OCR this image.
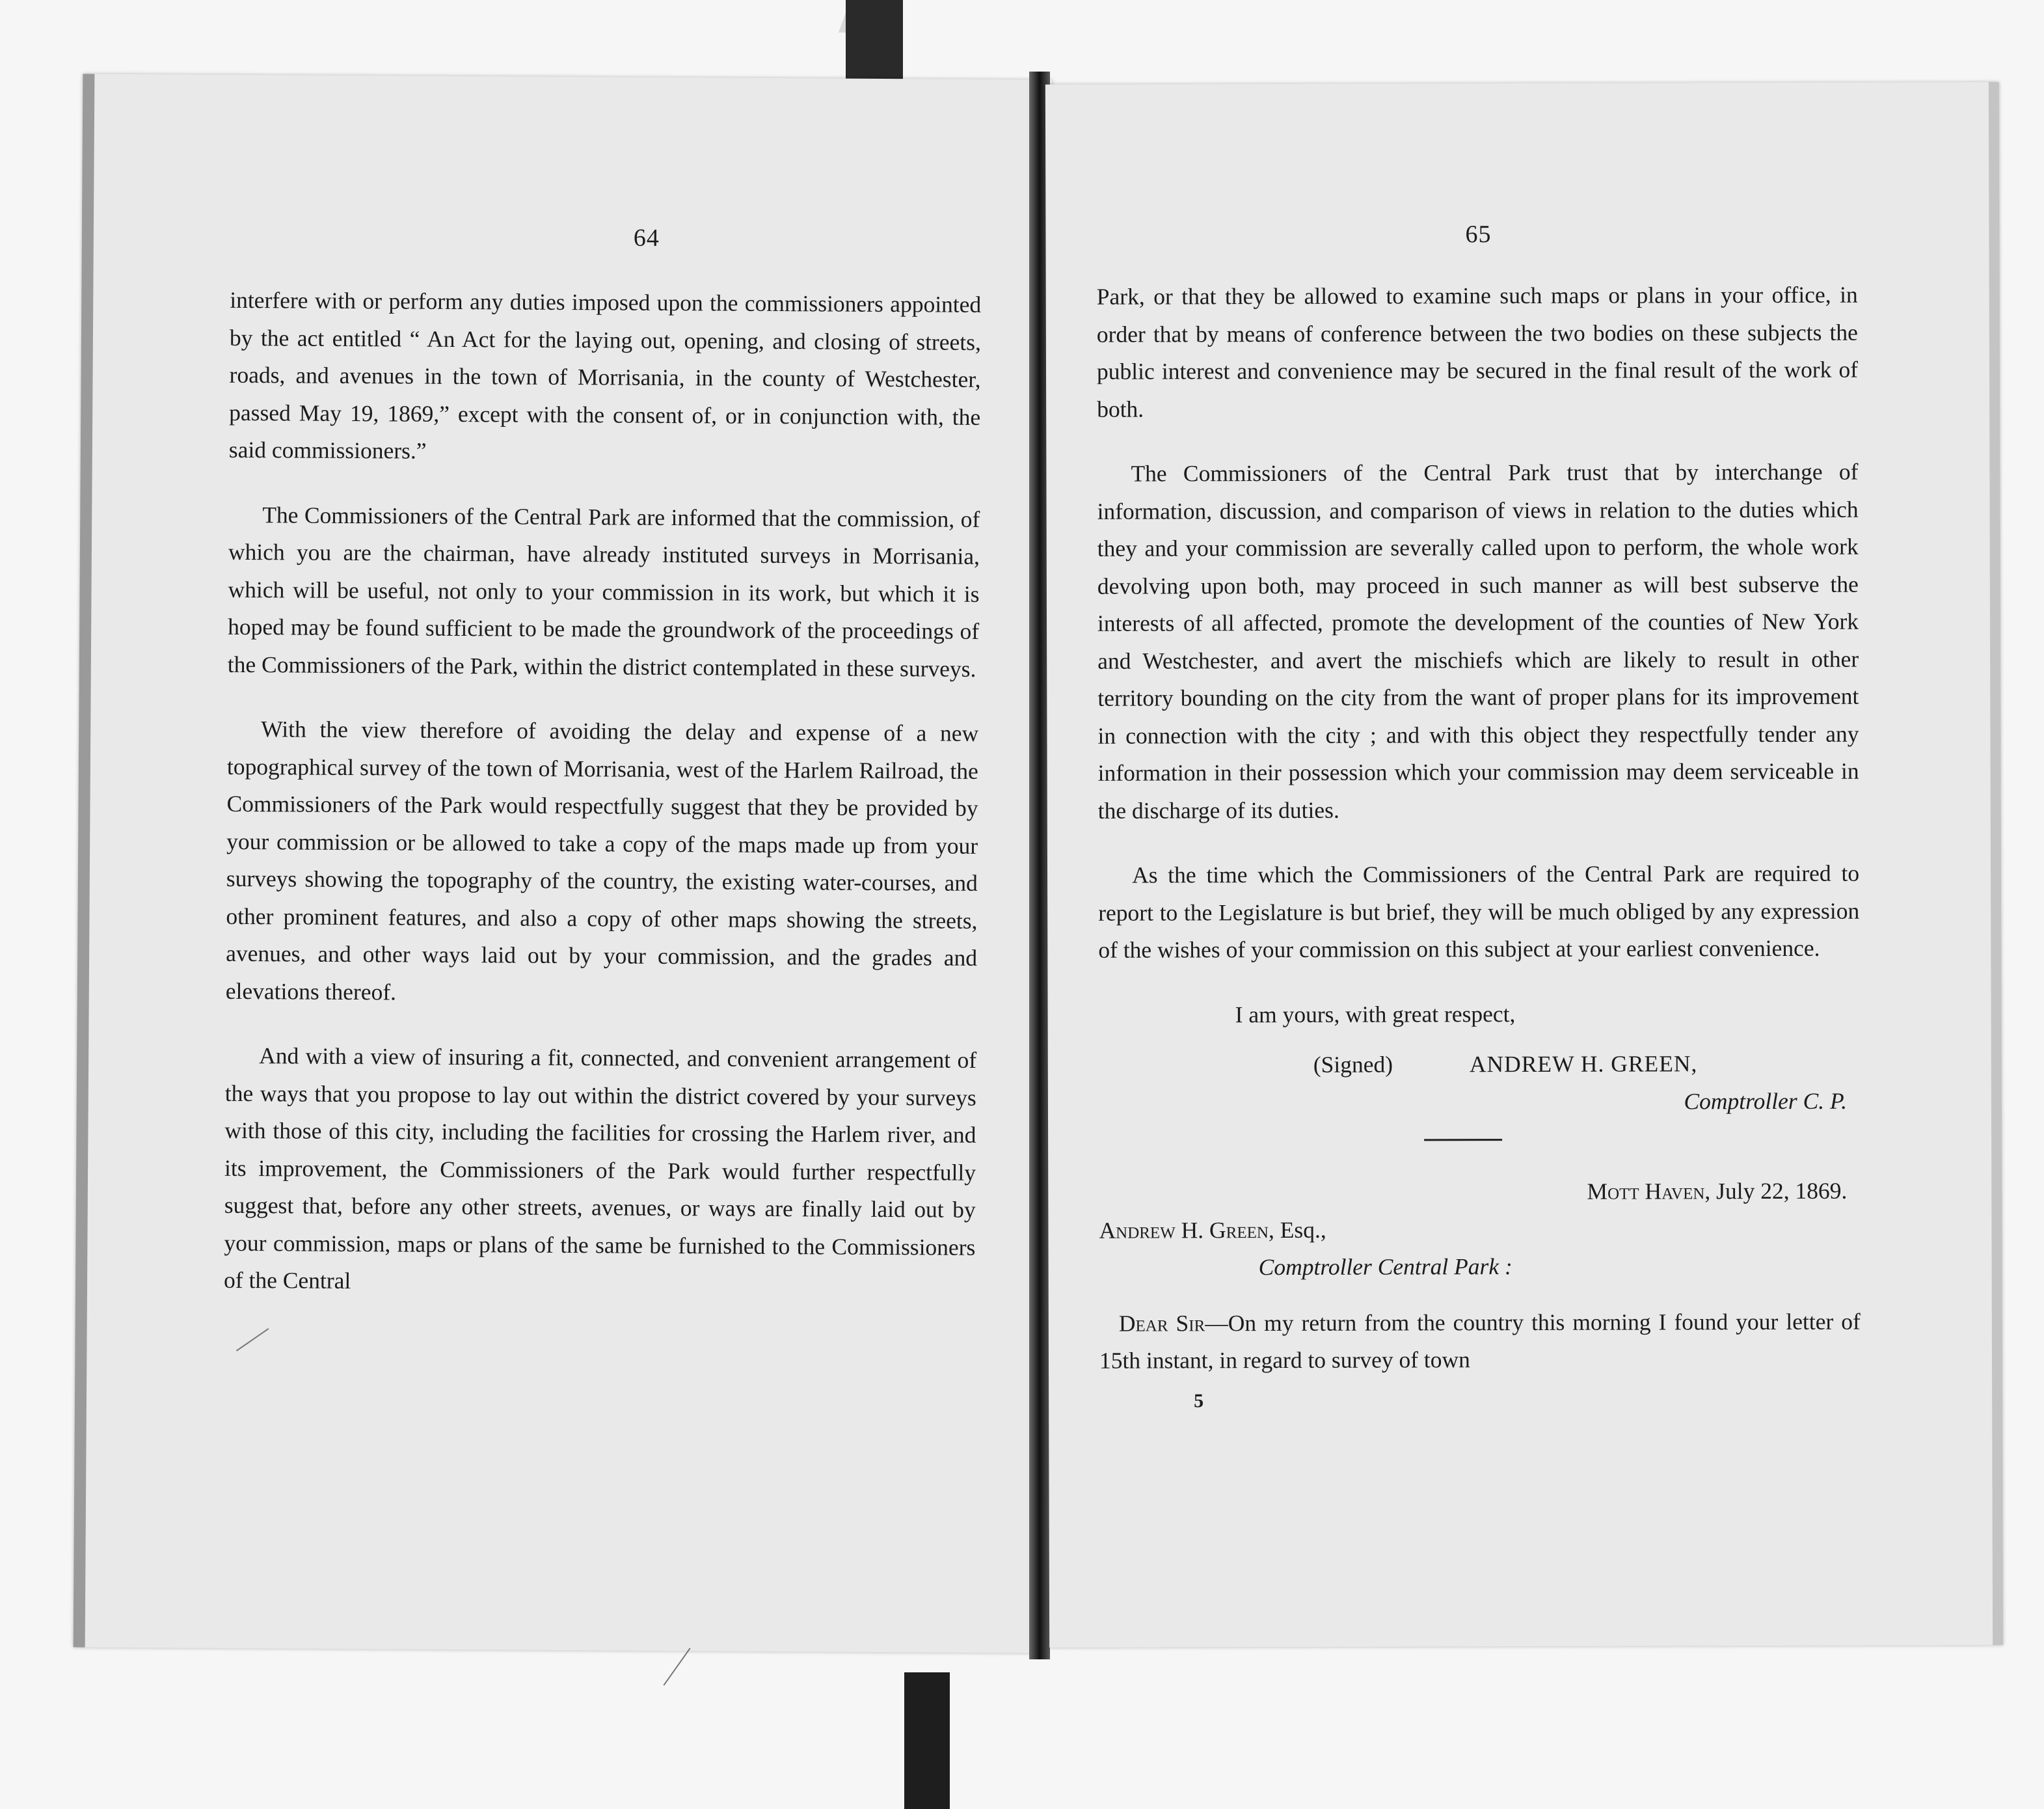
64

interfere with or perform any duties imposed upon the commissioners appointed by the act entitled “ An Act for the laying out, opening, and closing of streets, roads, and avenues in the town of Morrisania, in the county of Westchester, passed May 19, 1869,” except with the consent of, or in conjunction with, the said commissioners.”

The Commissioners of the Central Park are informed that the commission, of which you are the chairman, have already instituted surveys in Morrisania, which will be useful, not only to your commission in its work, but which it is hoped may be found sufficient to be made the groundwork of the proceedings of the Commissioners of the Park, within the district contemplated in these surveys.

With the view therefore of avoiding the delay and expense of a new topographical survey of the town of Morrisania, west of the Harlem Railroad, the Commissioners of the Park would respectfully suggest that they be provided by your commission or be allowed to take a copy of the maps made up from your surveys showing the topography of the country, the existing water-courses, and other prominent features, and also a copy of other maps showing the streets, avenues, and other ways laid out by your commission, and the grades and elevations thereof.

And with a view of insuring a fit, connected, and convenient arrangement of the ways that you propose to lay out within the district covered by your surveys with those of this city, including the facilities for crossing the Harlem river, and its improvement, the Commissioners of the Park would further respectfully suggest that, before any other streets, avenues, or ways are finally laid out by your commission, maps or plans of the same be furnished to the Commissioners of the Central

65

Park, or that they be allowed to examine such maps or plans in your office, in order that by means of conference between the two bodies on these subjects the public interest and convenience may be secured in the final result of the work of both.

The Commissioners of the Central Park trust that by interchange of information, discussion, and comparison of views in relation to the duties which they and your commission are severally called upon to perform, the whole work devolving upon both, may proceed in such manner as will best subserve the interests of all affected, promote the development of the counties of New York and Westchester, and avert the mischiefs which are likely to result in other territory bounding on the city from the want of proper plans for its improvement in connection with the city ; and with this object they respectfully tender any information in their possession which your commission may deem serviceable in the discharge of its duties.

As the time which the Commissioners of the Central Park are required to report to the Legislature is but brief, they will be much obliged by any expression of the wishes of your commission on this subject at your earliest convenience.

I am yours, with great respect,

(Signed)	ANDREW H. GREEN,

Comptroller C. P.

Mott Haven, July 22, 1869.

Andrew H. Green, Esq.,

Comptroller Central Park :

Dear Sir—On my return from the country this morning I found your letter of 15th instant, in regard to survey of town

5
